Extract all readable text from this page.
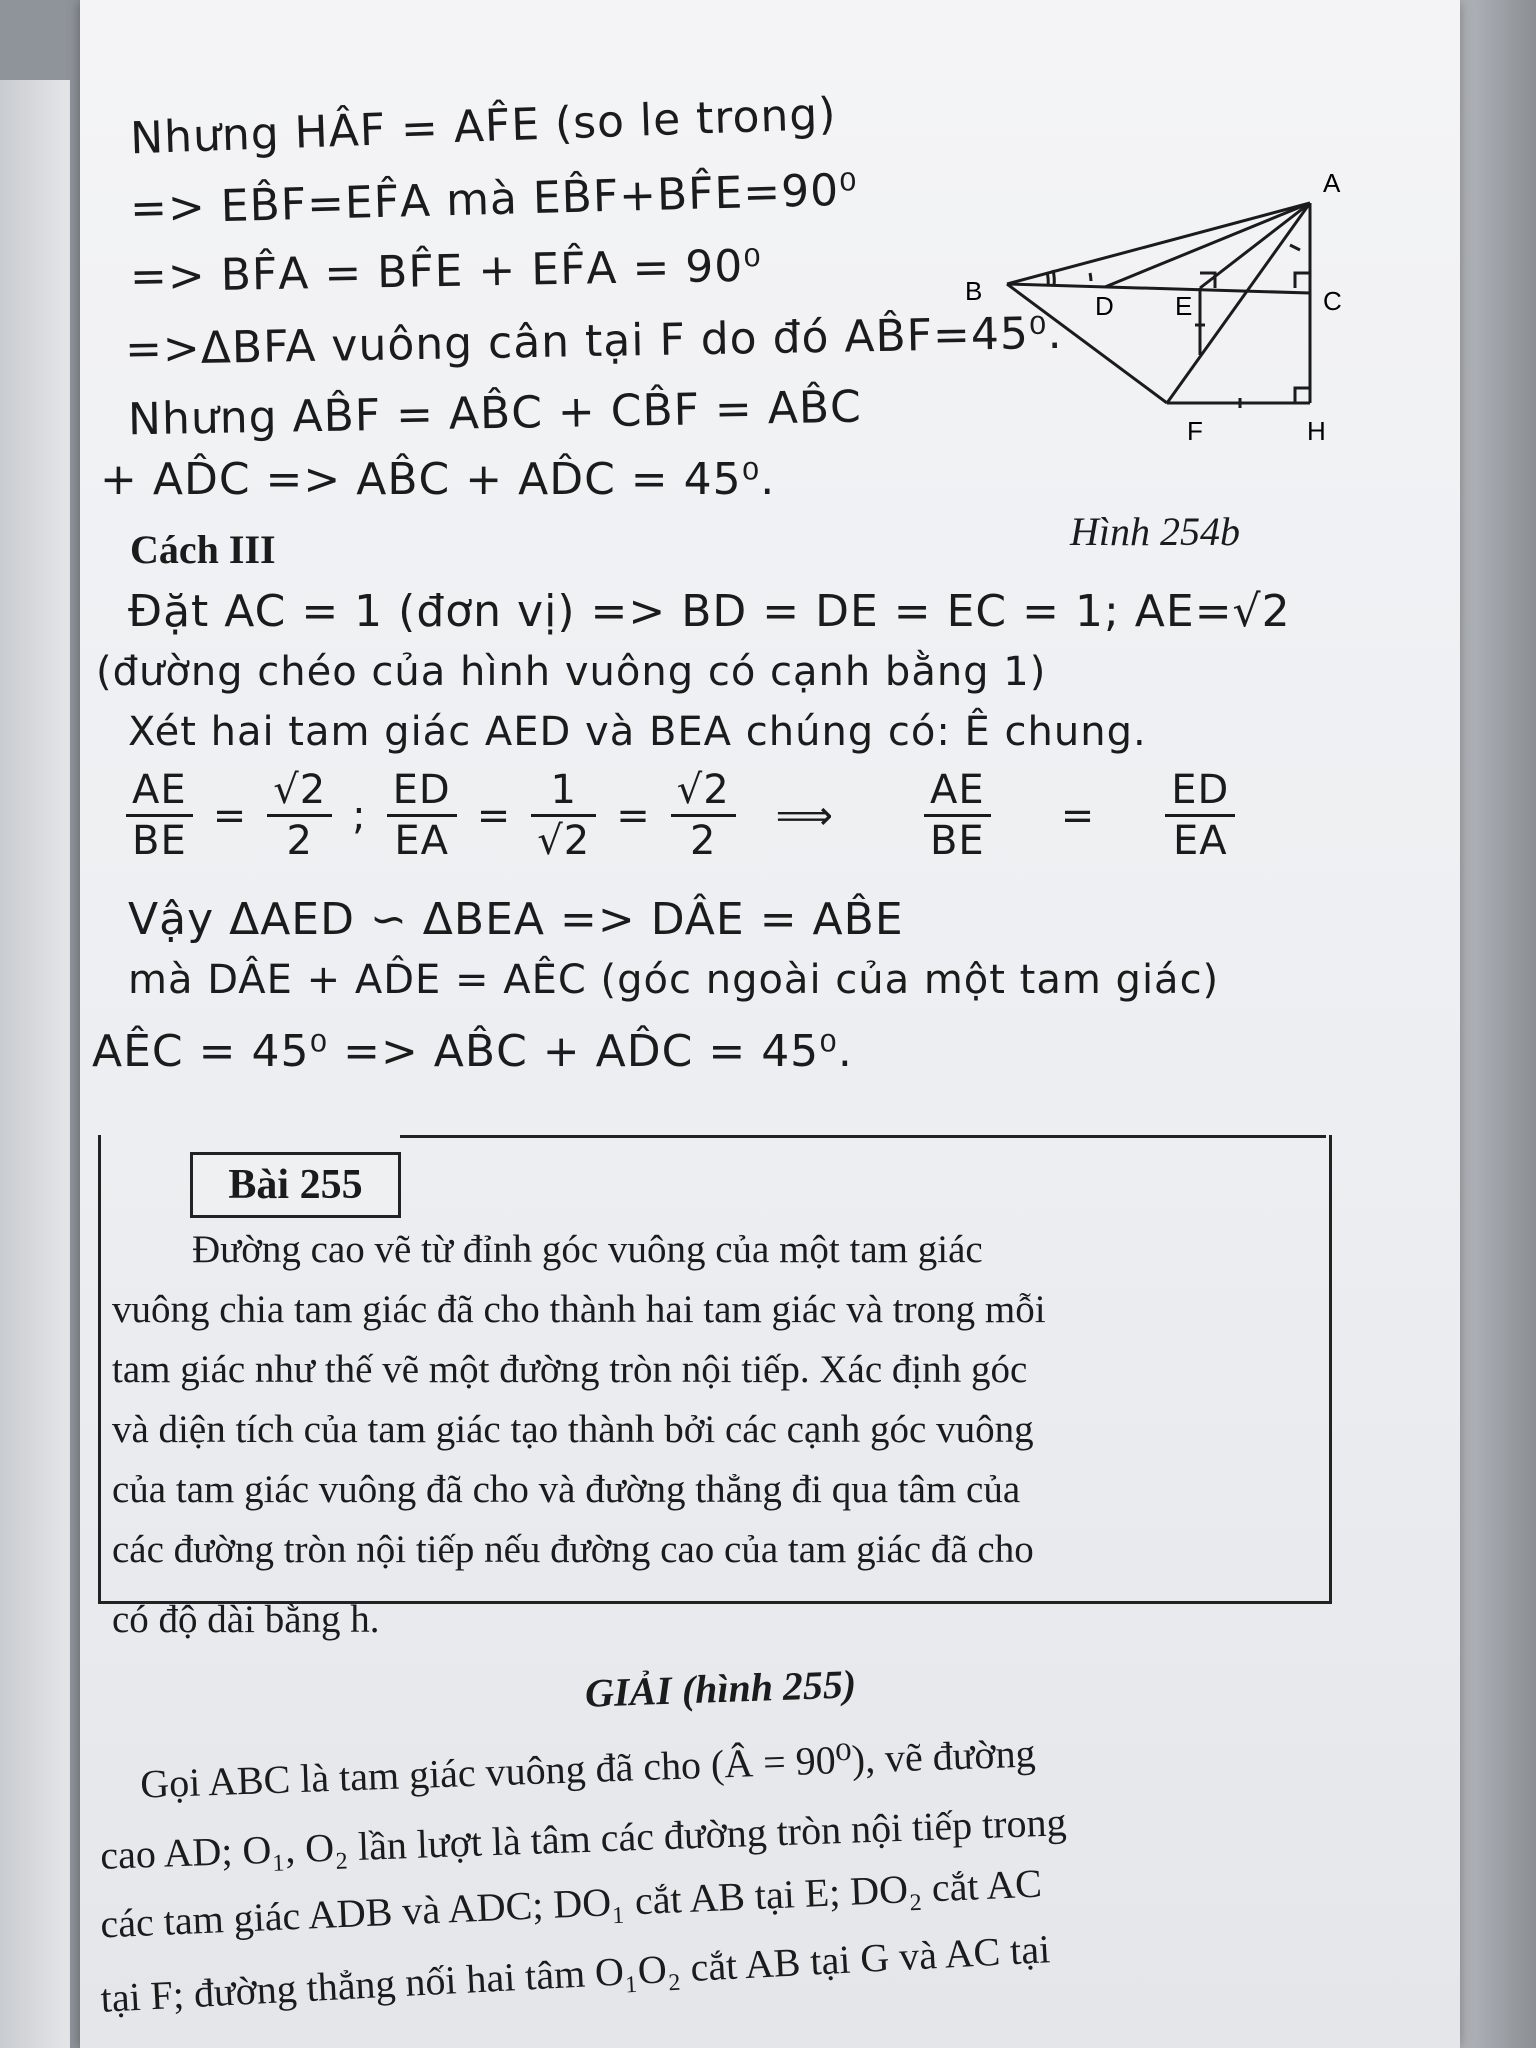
Nhưng HÂF = AF̂E (so le trong)
=> EB̂F=EF̂A mà EB̂F+BF̂E=90⁰
=> BF̂A = BF̂E + EF̂A = 90⁰
=>ΔBFA vuông cân tại F do đó AB̂F=45⁰.
Nhưng AB̂F = AB̂C + CB̂F = AB̂C
+ AD̂C => AB̂C + AD̂C = 45⁰.
A
B	C
D E
F	H
Cách III	Hình 254b
Đặt AC = 1 (đơn vị) => BD = DE = EC = 1; AE=√2
(đường chéo của hình vuông có cạnh bằng 1)
Xét hai tam giác AED và BEA chúng có: Ê chung.
$\frac{AE}{BE} = \frac{√2}{2}$ ; $\frac{ED}{EA} = \frac{1}{√2} = \frac{√2}{2}$ ⟹ $\frac{AE}{BE} = \frac{ED}{EA}$
Vậy ΔAED ∽ ΔBEA => DÂE = AB̂E
mà DÂE + AD̂E = AÊC (góc ngoài của một tam giác)
AÊC = 45⁰ => AB̂C + AD̂C = 45⁰.
Bài 255
Đường cao vẽ từ đỉnh góc vuông của một tam giác
vuông chia tam giác đã cho thành hai tam giác và trong mỗi
tam giác như thế vẽ một đường tròn nội tiếp. Xác định góc
và diện tích của tam giác tạo thành bởi các cạnh góc vuông
của tam giác vuông đã cho và đường thẳng đi qua tâm của
các đường tròn nội tiếp nếu đường cao của tam giác đã cho
có độ dài bằng h.
GIẢI (hình 255)
Gọi ABC là tam giác vuông đã cho (Â = 90⁰), vẽ đường
cao AD; O₁, O₂ lần lượt là tâm các đường tròn nội tiếp trong
các tam giác ADB và ADC; DO₁ cắt AB tại E; DO₂ cắt AC
tại F; đường thẳng nối hai tâm O₁O₂ cắt AB tại G và AC tại
